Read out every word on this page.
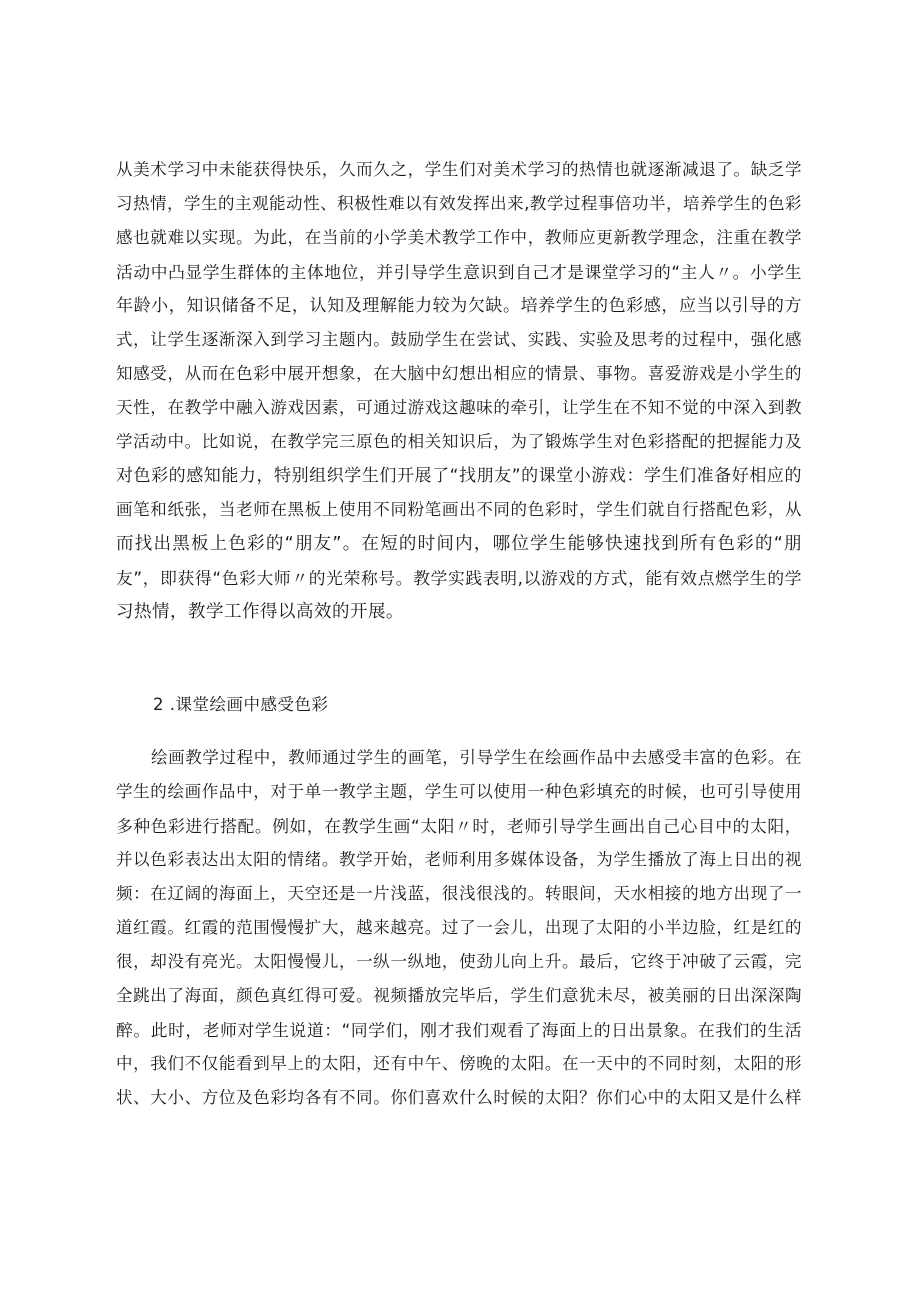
从美术学习中未能获得快乐，久而久之，学生们对美术学习的热情也就逐渐减退了。缺乏学
习热情，学生的主观能动性、积极性难以有效发挥出来,教学过程事倍功半，培养学生的色彩
感也就难以实现。为此，在当前的小学美术教学工作中，教师应更新教学理念，注重在教学
活动中凸显学生群体的主体地位，并引导学生意识到自己才是课堂学习的“主人〃。小学生
年龄小，知识储备不足，认知及理解能力较为欠缺。培养学生的色彩感，应当以引导的方
式，让学生逐渐深入到学习主题内。鼓励学生在尝试、实践、实验及思考的过程中，强化感
知感受，从而在色彩中展开想象，在大脑中幻想出相应的情景、事物。喜爱游戏是小学生的
天性，在教学中融入游戏因素，可通过游戏这趣味的牵引，让学生在不知不觉的中深入到教
学活动中。比如说，在教学完三原色的相关知识后，为了锻炼学生对色彩搭配的把握能力及
对色彩的感知能力，特别组织学生们开展了“找朋友”的课堂小游戏：学生们准备好相应的
画笔和纸张，当老师在黑板上使用不同粉笔画出不同的色彩时，学生们就自行搭配色彩，从
而找出黑板上色彩的“朋友”。在短的时间内，哪位学生能够快速找到所有色彩的“朋
友”，即获得“色彩大师〃的光荣称号。教学实践表明,以游戏的方式，能有效点燃学生的学
习热情，教学工作得以高效的开展。
2 .课堂绘画中感受色彩
绘画教学过程中，教师通过学生的画笔，引导学生在绘画作品中去感受丰富的色彩。在
学生的绘画作品中，对于单一教学主题，学生可以使用一种色彩填充的时候，也可引导使用
多种色彩进行搭配。例如，在教学生画“太阳〃时，老师引导学生画出自己心目中的太阳，
并以色彩表达出太阳的情绪。教学开始，老师利用多媒体设备，为学生播放了海上日出的视
频：在辽阔的海面上，天空还是一片浅蓝，很浅很浅的。转眼间，天水相接的地方出现了一
道红霞。红霞的范围慢慢扩大，越来越亮。过了一会儿，出现了太阳的小半边脸，红是红的
很，却没有亮光。太阳慢慢儿，一纵一纵地，使劲儿向上升。最后，它终于冲破了云霞，完
全跳出了海面，颜色真红得可爱。视频播放完毕后，学生们意犹未尽，被美丽的日出深深陶
醉。此时，老师对学生说道：“同学们，刚才我们观看了海面上的日出景象。在我们的生活
中，我们不仅能看到早上的太阳，还有中午、傍晚的太阳。在一天中的不同时刻，太阳的形
状、大小、方位及色彩均各有不同。你们喜欢什么时候的太阳？你们心中的太阳又是什么样
